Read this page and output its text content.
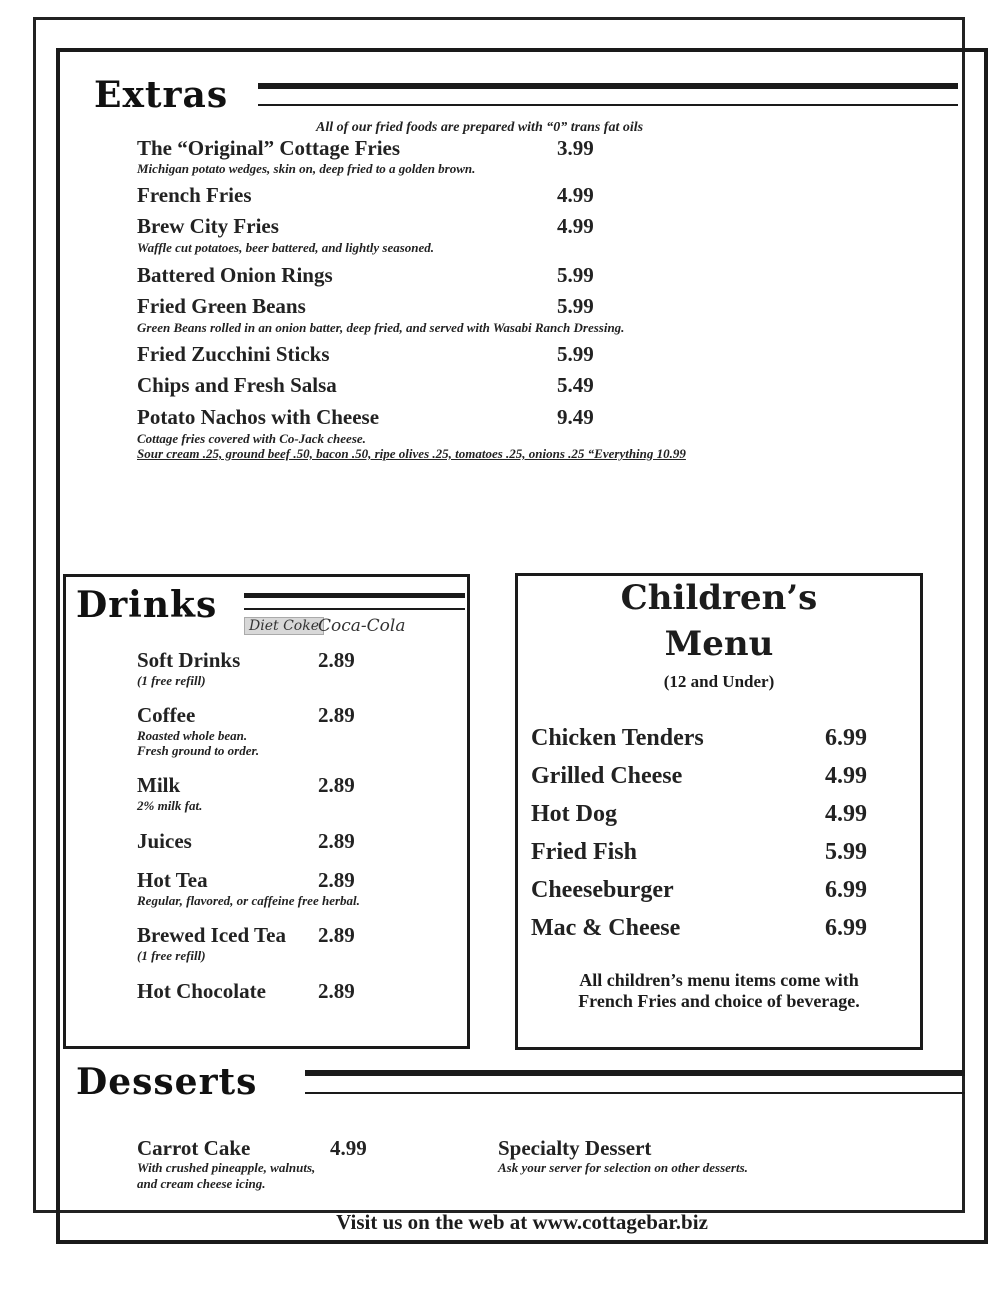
Extras
All of our fried foods are prepared with “0” trans fat oils
The “Original” Cottage Fries	3.99
Michigan potato wedges, skin on, deep fried to a golden brown.
French Fries	4.99
Brew City Fries	4.99
Waffle cut potatoes, beer battered, and lightly seasoned.
Battered Onion Rings	5.99
Fried Green Beans	5.99
Green Beans rolled in an onion batter, deep fried, and served with Wasabi Ranch Dressing.
Fried Zucchini Sticks	5.99
Chips and Fresh Salsa	5.49
Potato Nachos with Cheese	9.49
Cottage fries covered with Co-Jack cheese.
Sour cream .25, ground beef .50, bacon .50, ripe olives .25, tomatoes .25, onions .25 “Everything 10.99
Drinks	Diet Coke Coca-Cola
Soft Drinks	2.89
(1 free refill)
Coffee	2.89
Roasted whole bean.
Fresh ground to order.
Milk	2.89
2% milk fat.
Juices	2.89
Hot Tea	2.89
Regular, flavored, or caffeine free herbal.
Brewed Iced Tea 2.89
(1 free refill)
Hot Chocolate 2.89
Children’s
Menu
(12 and Under)
Chicken Tenders	6.99
Grilled Cheese	4.99
Hot Dog	4.99
Fried Fish	5.99
Cheeseburger	6.99
Mac & Cheese	6.99
All children’s menu items come with
French Fries and choice of beverage.
Desserts
Carrot Cake	4.99
With crushed pineapple, walnuts,
and cream cheese icing.
Specialty Dessert
Ask your server for selection on other desserts.
Visit us on the web at www.cottagebar.biz
